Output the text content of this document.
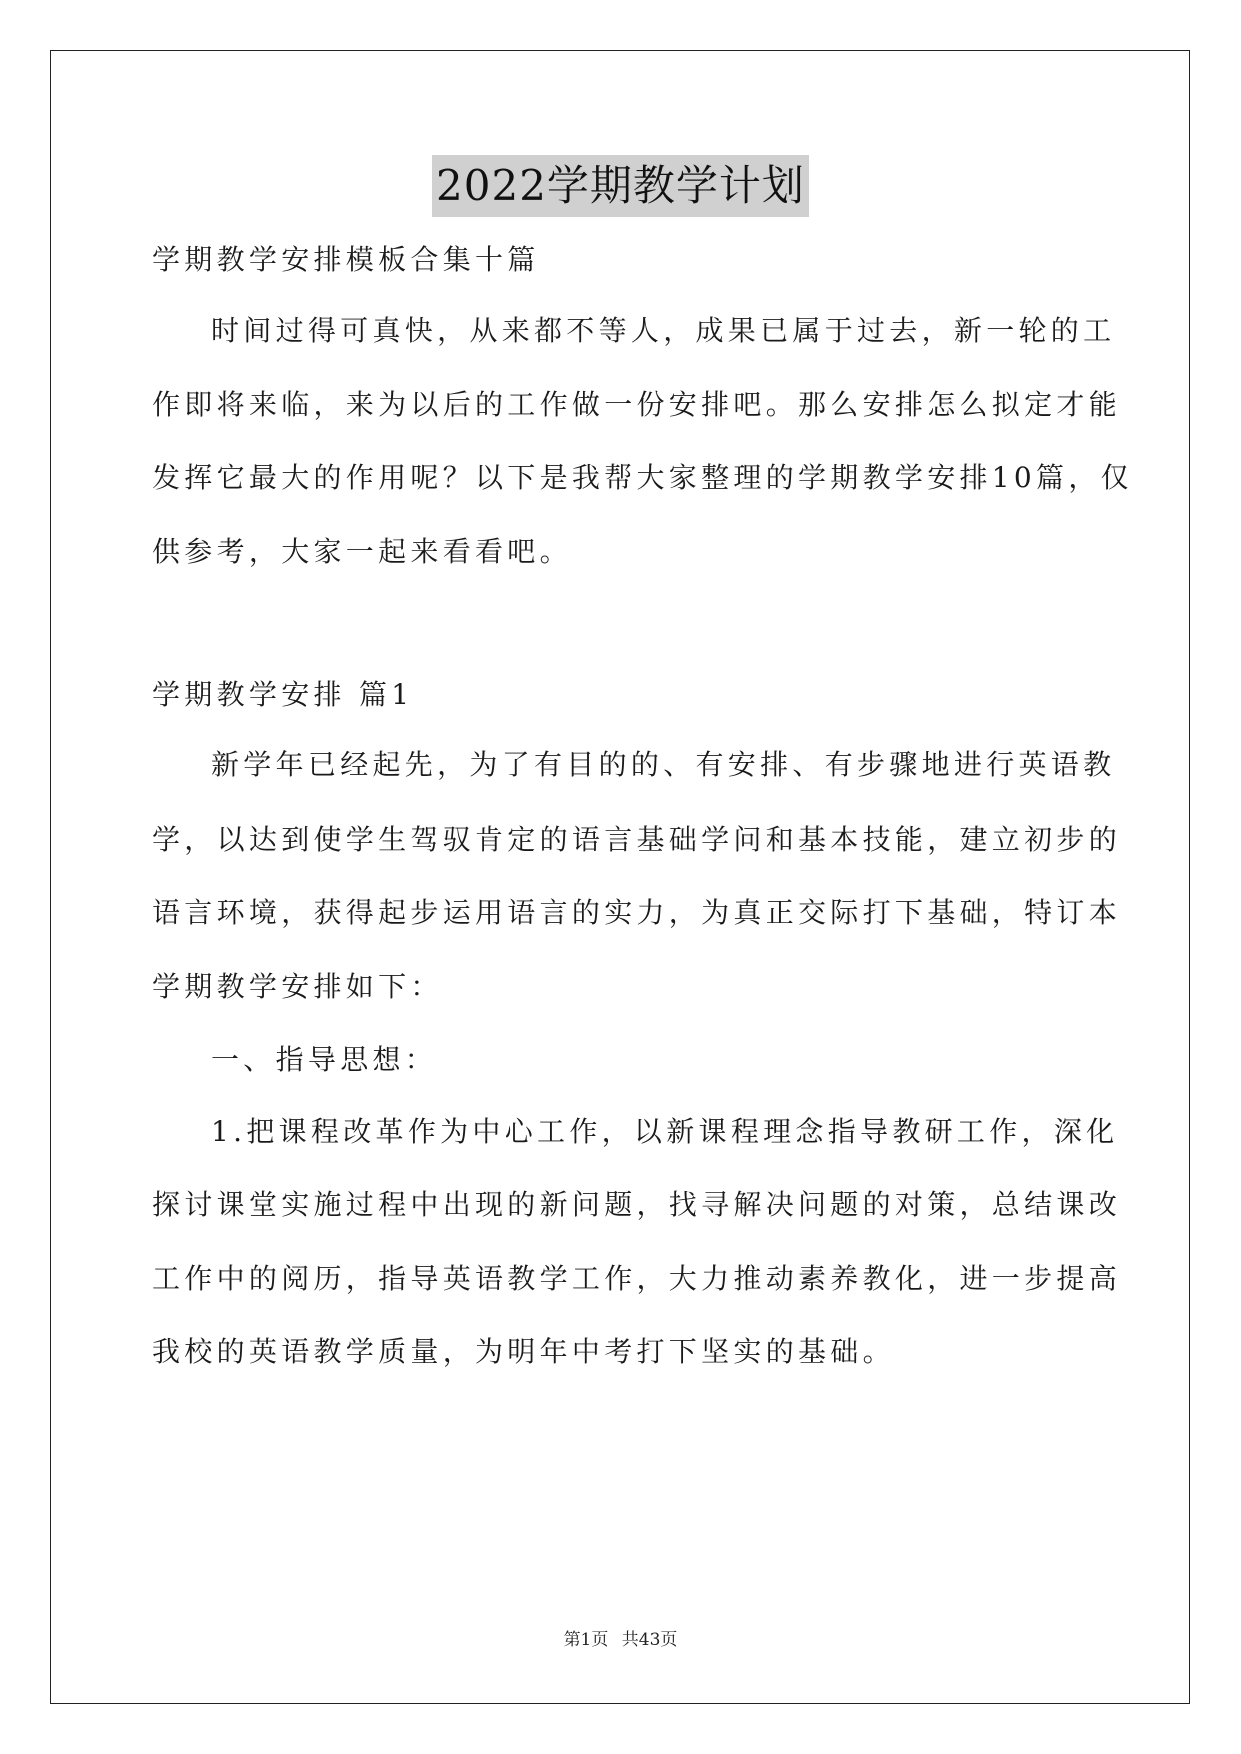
2022学期教学计划

学期教学安排模板合集十篇

时间过得可真快，从来都不等人，成果已属于过去，新一轮的工

作即将来临，来为以后的工作做一份安排吧。那么安排怎么拟定才能

发挥它最大的作用呢？以下是我帮大家整理的学期教学安排10篇，仅

供参考，大家一起来看看吧。

学期教学安排 篇1

新学年已经起先，为了有目的的、有安排、有步骤地进行英语教

学，以达到使学生驾驭肯定的语言基础学问和基本技能，建立初步的

语言环境，获得起步运用语言的实力，为真正交际打下基础，特订本

学期教学安排如下：

一、指导思想：

1.把课程改革作为中心工作，以新课程理念指导教研工作，深化

探讨课堂实施过程中出现的新问题，找寻解决问题的对策，总结课改

工作中的阅历，指导英语教学工作，大力推动素养教化，进一步提高

我校的英语教学质量，为明年中考打下坚实的基础。

第1页 共43页
